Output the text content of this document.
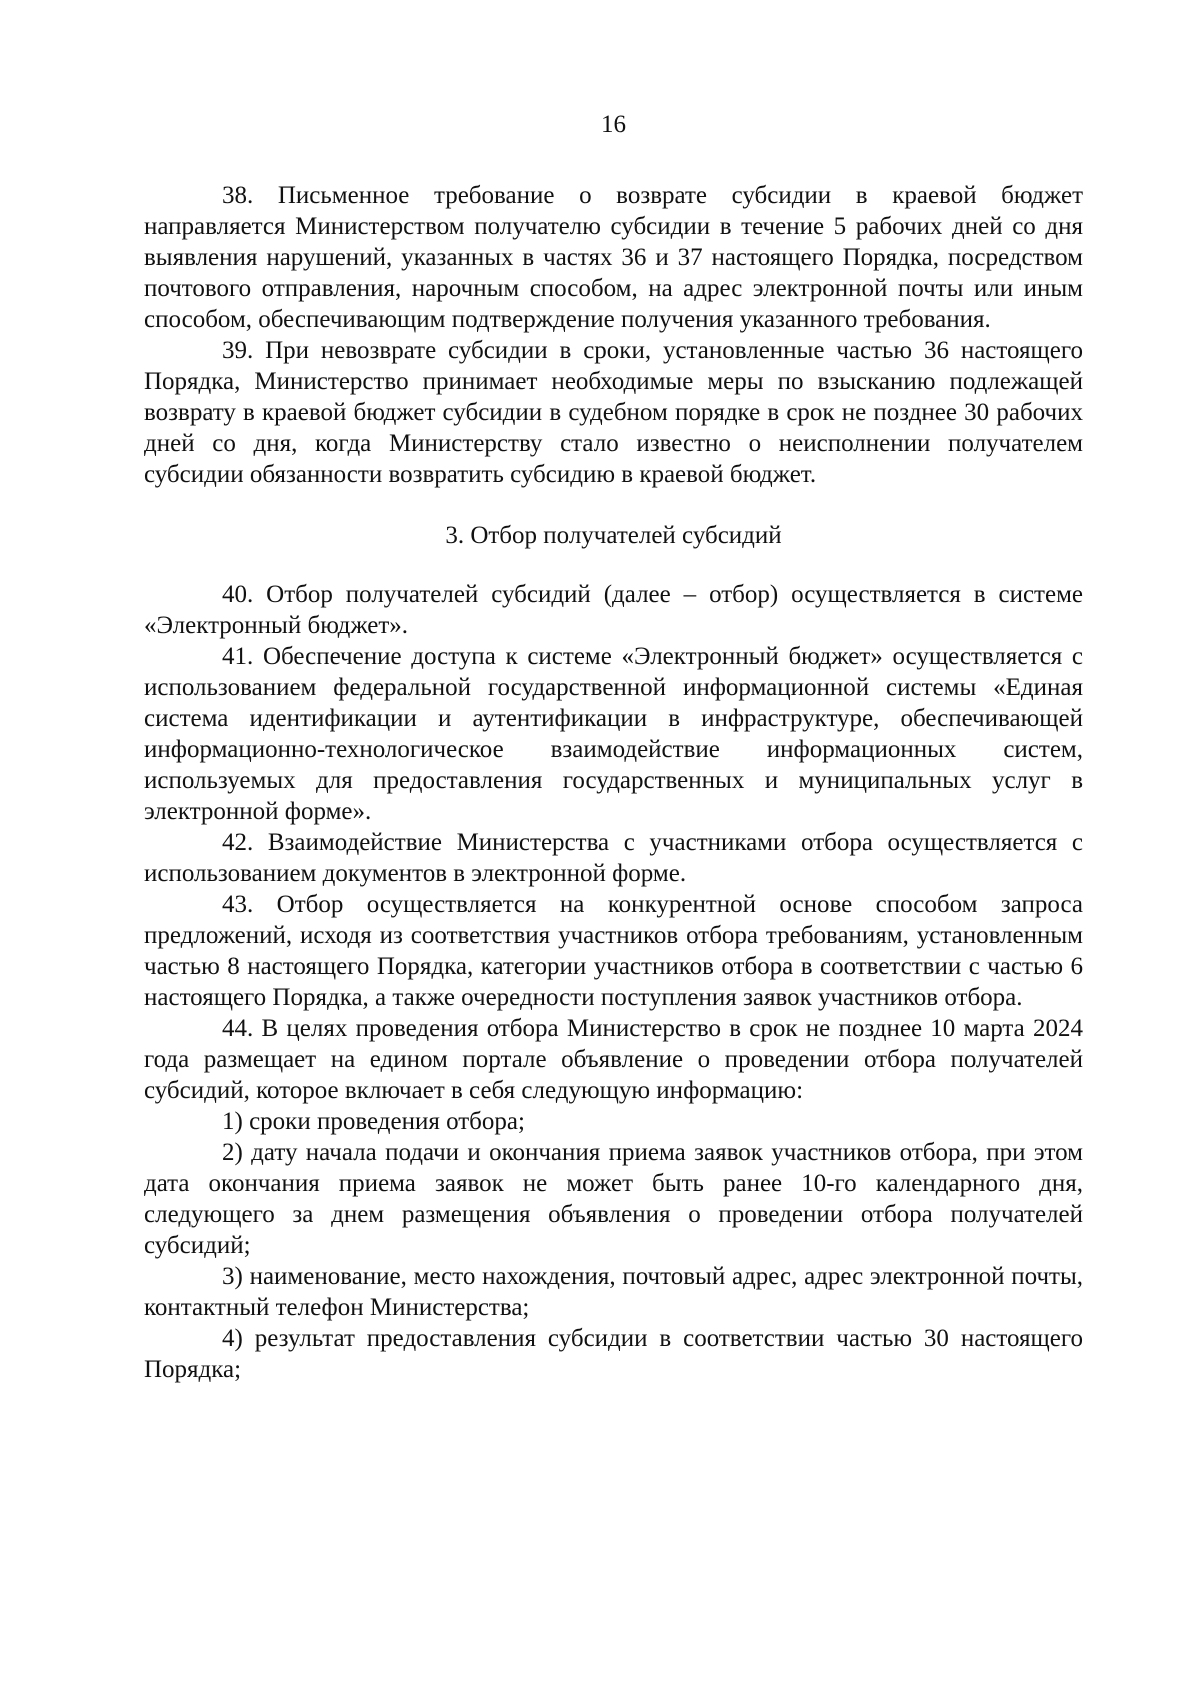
16

38. Письменное требование о возврате субсидии в краевой бюджет направляется Министерством получателю субсидии в течение 5 рабочих дней со дня выявления нарушений, указанных в частях 36 и 37 настоящего Порядка, посредством почтового отправления, нарочным способом, на адрес электронной почты или иным способом, обеспечивающим подтверждение получения указанного требования.

39. При невозврате субсидии в сроки, установленные частью 36 настоящего Порядка, Министерство принимает необходимые меры по взысканию подлежащей возврату в краевой бюджет субсидии в судебном порядке в срок не позднее 30 рабочих дней со дня, когда Министерству стало известно о неисполнении получателем субсидии обязанности возвратить субсидию в краевой бюджет.

3. Отбор получателей субсидий

40. Отбор получателей субсидий (далее – отбор) осуществляется в системе «Электронный бюджет».

41. Обеспечение доступа к системе «Электронный бюджет» осуществляется с использованием федеральной государственной информационной системы «Единая система идентификации и аутентификации в инфраструктуре, обеспечивающей информационно-технологическое взаимодействие информационных систем, используемых для предоставления государственных и муниципальных услуг в электронной форме».

42. Взаимодействие Министерства с участниками отбора осуществляется с использованием документов в электронной форме.

43. Отбор осуществляется на конкурентной основе способом запроса предложений, исходя из соответствия участников отбора требованиям, установленным частью 8 настоящего Порядка, категории участников отбора в соответствии с частью 6 настоящего Порядка, а также очередности поступления заявок участников отбора.

44. В целях проведения отбора Министерство в срок не позднее 10 марта 2024 года размещает на едином портале объявление о проведении отбора получателей субсидий, которое включает в себя следующую информацию:

1) сроки проведения отбора;

2) дату начала подачи и окончания приема заявок участников отбора, при этом дата окончания приема заявок не может быть ранее 10-го календарного дня, следующего за днем размещения объявления о проведении отбора получателей субсидий;

3) наименование, место нахождения, почтовый адрес, адрес электронной почты, контактный телефон Министерства;

4) результат предоставления субсидии в соответствии частью 30 настоящего Порядка;
